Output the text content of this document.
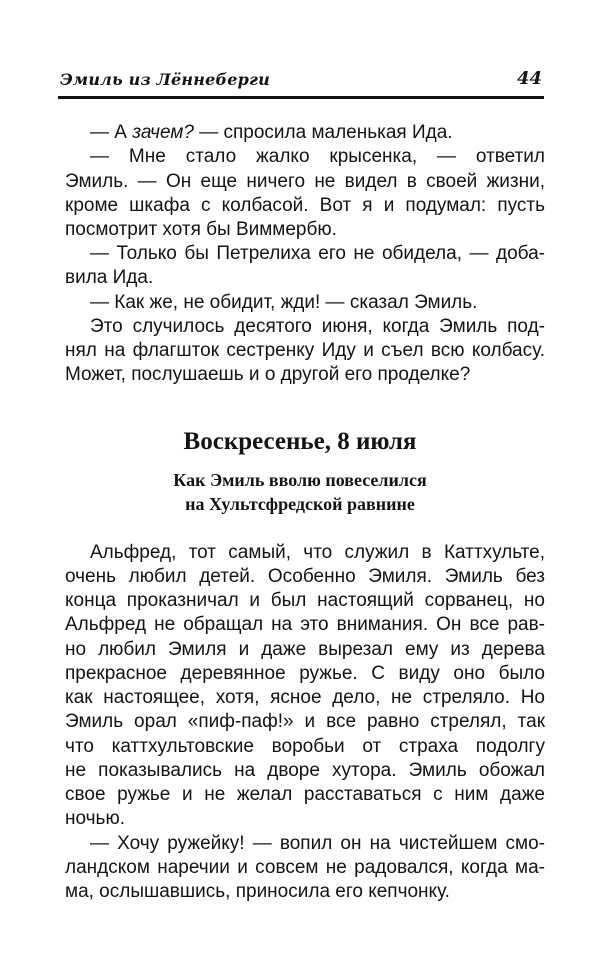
Эмиль из Лённеберги	44
— А зачем? — спросила маленькая Ида.
— Мне стало жалко крысенка, — ответил
Эмиль. — Он еще ничего не видел в своей жизни,
кроме шкафа с колбасой. Вот я и подумал: пусть
посмотрит хотя бы Виммербю.
— Только бы Петрелиха его не обидела, — доба-
вила Ида.
— Как же, не обидит, жди! — сказал Эмиль.
Это случилось десятого июня, когда Эмиль под-
нял на флагшток сестренку Иду и съел всю колбасу.
Может, послушаешь и о другой его проделке?
Воскресенье, 8 июля
Как Эмиль вволю повеселился
на Хультсфредской равнине
Альфред, тот самый, что служил в Каттхульте,
очень любил детей. Особенно Эмиля. Эмиль без
конца проказничал и был настоящий сорванец, но
Альфред не обращал на это внимания. Он все рав-
но любил Эмиля и даже вырезал ему из дерева
прекрасное деревянное ружье. С виду оно было
как настоящее, хотя, ясное дело, не стреляло. Но
Эмиль орал «пиф-паф!» и все равно стрелял, так
что каттхультовские воробьи от страха подолгу
не показывались на дворе хутора. Эмиль обожал
свое ружье и не желал расставаться с ним даже
ночью.
— Хочу ружейку! — вопил он на чистейшем смо-
ландском наречии и совсем не радовался, когда ма-
ма, ослышавшись, приносила его кепчонку.
